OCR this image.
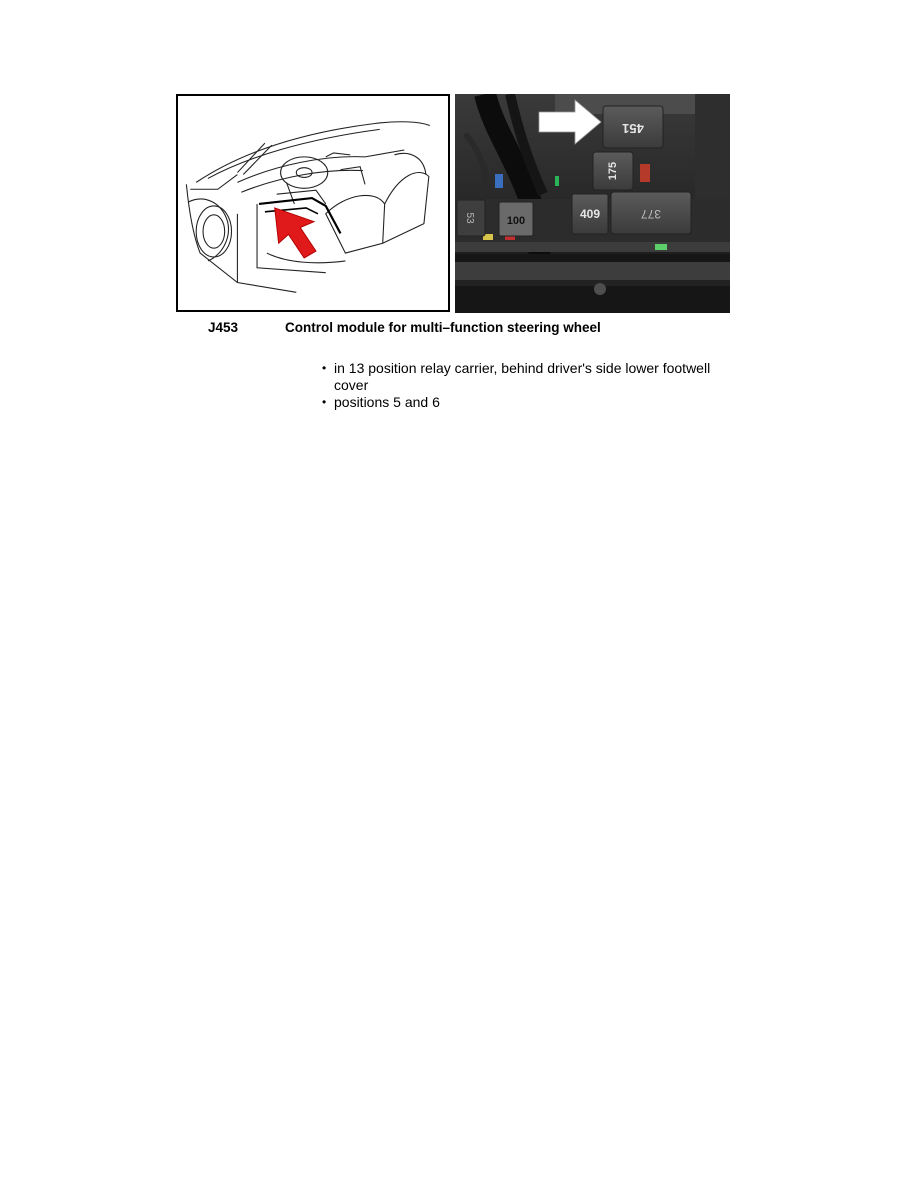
451
175
100
53	409	377
J453	Control module for multi–function steering wheel
• in 13 position relay carrier, behind driver's side lower footwell cover
• positions 5 and 6
